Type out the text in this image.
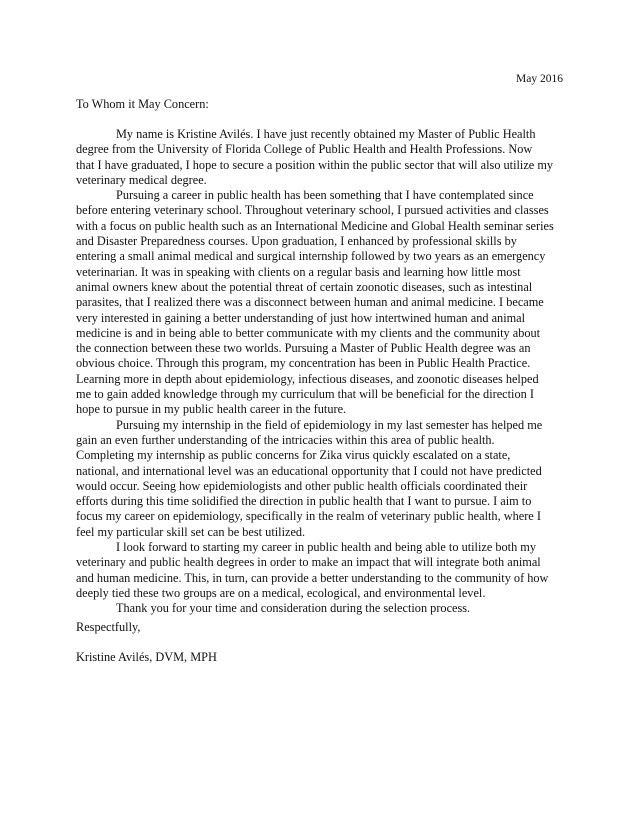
May 2016
To Whom it May Concern:
My name is Kristine Avilés. I have just recently obtained my Master of Public Health
degree from the University of Florida College of Public Health and Health Professions. Now
that I have graduated, I hope to secure a position within the public sector that will also utilize my
veterinary medical degree.
Pursuing a career in public health has been something that I have contemplated since
before entering veterinary school. Throughout veterinary school, I pursued activities and classes
with a focus on public health such as an International Medicine and Global Health seminar series
and Disaster Preparedness courses. Upon graduation, I enhanced by professional skills by
entering a small animal medical and surgical internship followed by two years as an emergency
veterinarian. It was in speaking with clients on a regular basis and learning how little most
animal owners knew about the potential threat of certain zoonotic diseases, such as intestinal
parasites, that I realized there was a disconnect between human and animal medicine. I became
very interested in gaining a better understanding of just how intertwined human and animal
medicine is and in being able to better communicate with my clients and the community about
the connection between these two worlds. Pursuing a Master of Public Health degree was an
obvious choice. Through this program, my concentration has been in Public Health Practice.
Learning more in depth about epidemiology, infectious diseases, and zoonotic diseases helped
me to gain added knowledge through my curriculum that will be beneficial for the direction I
hope to pursue in my public health career in the future.
Pursuing my internship in the field of epidemiology in my last semester has helped me
gain an even further understanding of the intricacies within this area of public health.
Completing my internship as public concerns for Zika virus quickly escalated on a state,
national, and international level was an educational opportunity that I could not have predicted
would occur. Seeing how epidemiologists and other public health officials coordinated their
efforts during this time solidified the direction in public health that I want to pursue. I aim to
focus my career on epidemiology, specifically in the realm of veterinary public health, where I
feel my particular skill set can be best utilized.
I look forward to starting my career in public health and being able to utilize both my
veterinary and public health degrees in order to make an impact that will integrate both animal
and human medicine. This, in turn, can provide a better understanding to the community of how
deeply tied these two groups are on a medical, ecological, and environmental level.
Thank you for your time and consideration during the selection process.
Respectfully,
Kristine Avilés, DVM, MPH
